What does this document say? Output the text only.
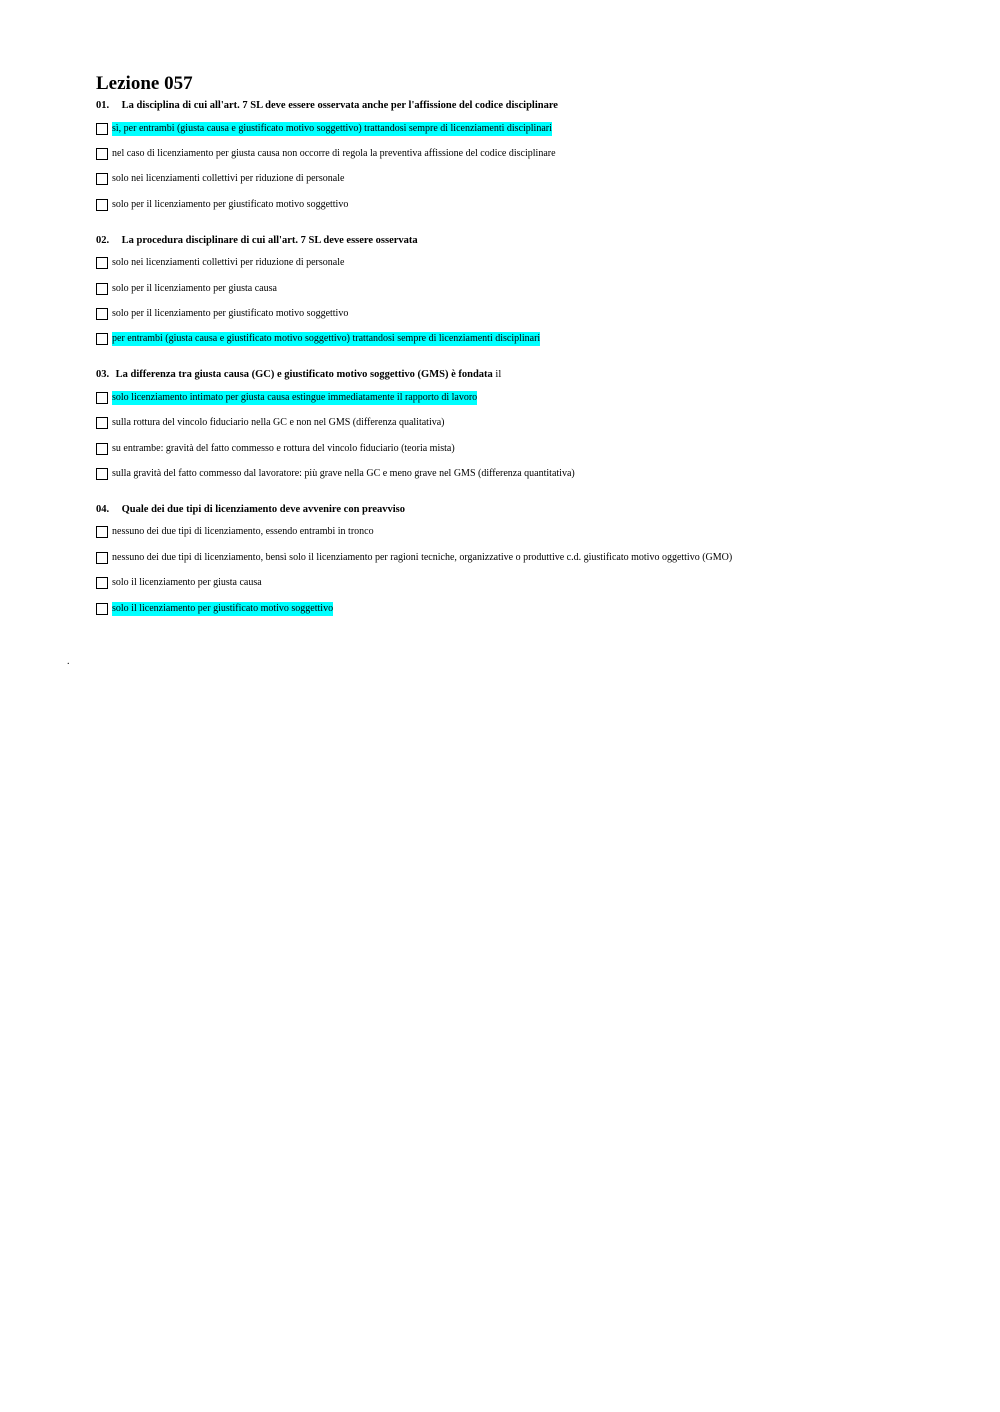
Lezione 057
01. La disciplina di cui all'art. 7 SL deve essere osservata anche per l'affissione del codice disciplinare
sì, per entrambi (giusta causa e giustificato motivo soggettivo) trattandosi sempre di licenziamenti disciplinari
nel caso di licenziamento per giusta causa non occorre di regola la preventiva affissione del codice disciplinare
solo nei licenziamenti collettivi per riduzione di personale
solo per il licenziamento per giustificato motivo soggettivo
02. La procedura disciplinare di cui all'art. 7 SL deve essere osservata
solo nei licenziamenti collettivi per riduzione di personale
solo per il licenziamento per giusta causa
solo per il licenziamento per giustificato motivo soggettivo
per entrambi (giusta causa e giustificato motivo soggettivo) trattandosi sempre di licenziamenti disciplinari
03. La differenza tra giusta causa (GC) e giustificato motivo soggettivo (GMS) è fondata il
solo licenziamento intimato per giusta causa estingue immediatamente il rapporto di lavoro
sulla rottura del vincolo fiduciario nella GC e non nel GMS (differenza qualitativa)
su entrambe: gravità del fatto commesso e rottura del vincolo fiduciario (teoria mista)
sulla gravità del fatto commesso dal lavoratore: più grave nella GC e meno grave nel GMS (differenza quantitativa)
04. Quale dei due tipi di licenziamento deve avvenire con preavviso
nessuno dei due tipi di licenziamento, essendo entrambi in tronco
nessuno dei due tipi di licenziamento, bensì solo il licenziamento per ragioni tecniche, organizzative o produttive c.d. giustificato motivo oggettivo (GMO)
solo il licenziamento per giusta causa
solo il licenziamento per giustificato motivo soggettivo
.
